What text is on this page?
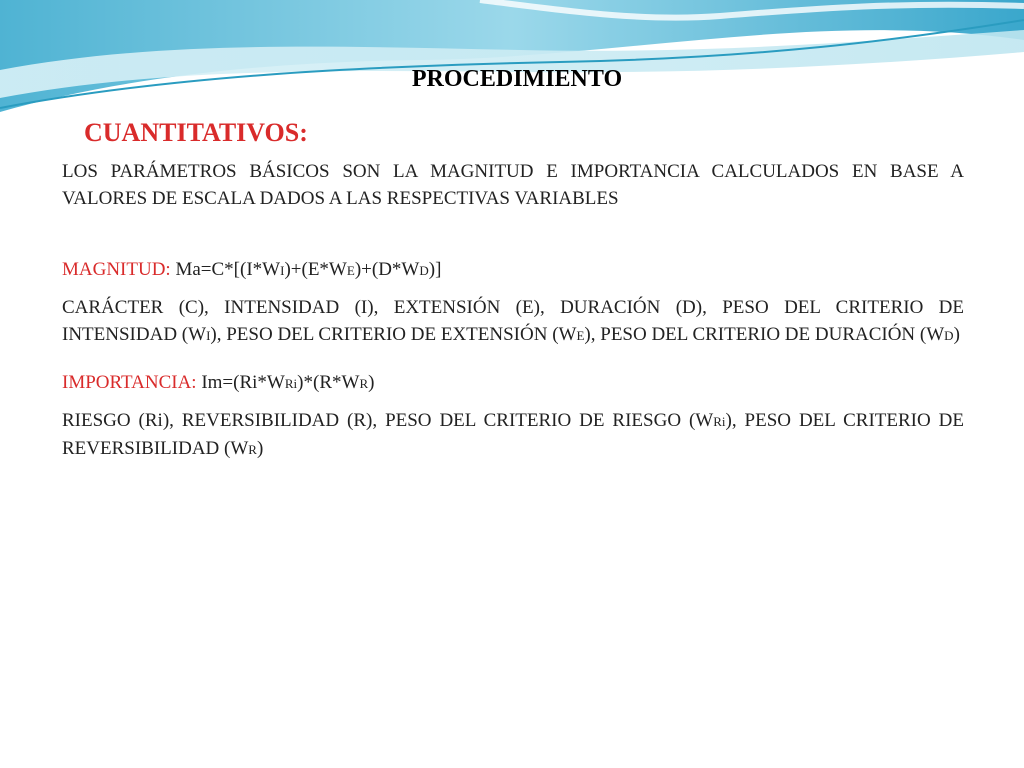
PROCEDIMIENTO
CUANTITATIVOS:

LOS PARÁMETROS BÁSICOS SON LA MAGNITUD E IMPORTANCIA CALCULADOS EN BASE A VALORES DE ESCALA DADOS A LAS RESPECTIVAS VARIABLES

MAGNITUD: Ma=C*[(I*WI)+(E*WE)+(D*WD)]

CARÁCTER (C), INTENSIDAD (I), EXTENSIÓN (E), DURACIÓN (D), PESO DEL CRITERIO DE INTENSIDAD (WI), PESO DEL CRITERIO DE EXTENSIÓN (WE), PESO DEL CRITERIO DE DURACIÓN (WD)

IMPORTANCIA: Im=(Ri*WRi)*(R*WR)

RIESGO (Ri), REVERSIBILIDAD (R), PESO DEL CRITERIO DE RIESGO (WRi), PESO DEL CRITERIO DE REVERSIBILIDAD (WR)
